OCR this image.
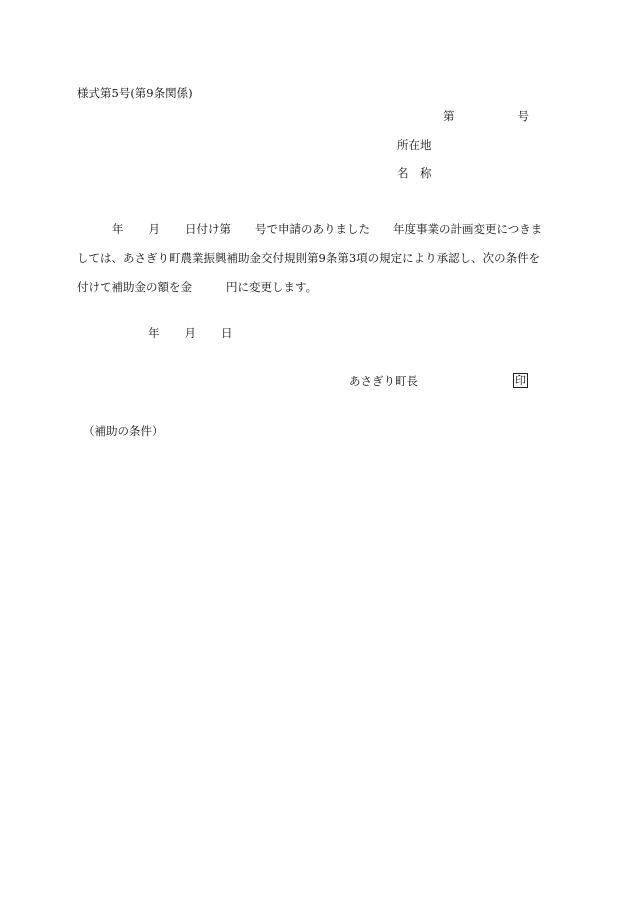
様式第5号(第9条関係)
第	号
所在地
名　称
年 月 日付け第 号で申請のありました 年度事業の計画変更につきま
しては、あさぎり町農業振興補助金交付規則第9条第3項の規定により承認し、次の条件を
付けて補助金の額を金	円に変更します。
年 月 日
あさぎり町長	印
（補助の条件）
